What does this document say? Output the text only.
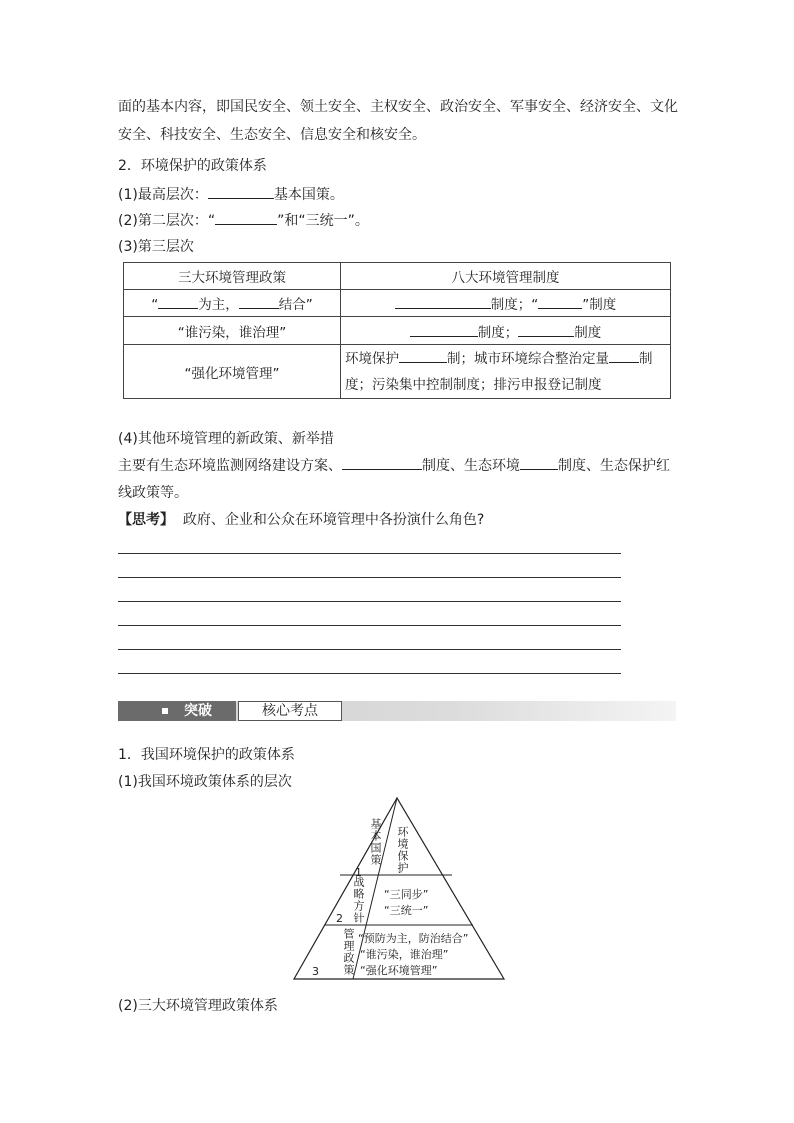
面的基本内容，即国民安全、领土安全、主权安全、政治安全、军事安全、经济安全、文化
安全、科技安全、生态安全、信息安全和核安全。
2．环境保护的政策体系
(1)最高层次：	基本国策。
(2)第二层次：“	”和“三统一”。
(3)第三层次
三大环境管理政策	八大环境管理制度
“ 为主， 结合”	制度；“ ”制度
“谁污染，谁治理”	制度； 制度
“强化环境管理”	环境保护 制；城市环境综合整治定量 制
度；污染集中控制制度；排污申报登记制度
(4)其他环境管理的新政策、新举措
主要有生态环境监测网络建设方案、	制度、生态环境	制度、生态保护红
线政策等。
【思考】 政府、企业和公众在环境管理中各扮演什么角色?
突破	核心考点
1．我国环境保护的政策体系
(1)我国环境政策体系的层次
1
基本国策 环境保护
2 战略方针 “三同步”
“三统一”
3 管理政策 “预防为主，防治结合”
“谁污染，谁治理”
“强化环境管理”
(2)三大环境管理政策体系
